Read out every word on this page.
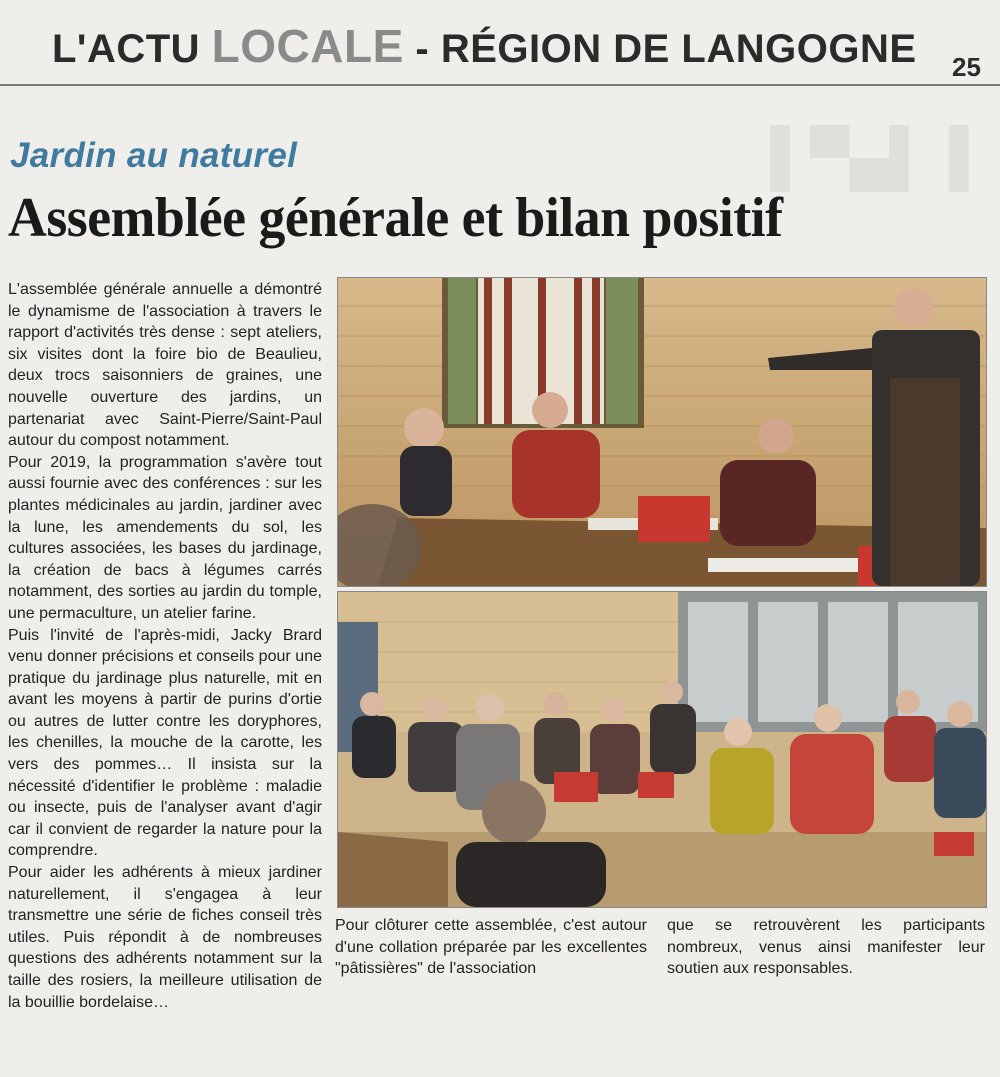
L'ACTU LOCALE - RÉGION DE LANGOGNE 25
▌▀▄▌▐
Jardin au naturel
Assemblée générale et bilan positif

L'assemblée générale annuelle a démontré le dynamisme de l'association à travers le rapport d'activités très dense : sept ateliers, six visites dont la foire bio de Beaulieu, deux trocs saisonniers de graines, une nouvelle ouverture des jardins, un partenariat avec Saint-Pierre/Saint-Paul autour du compost notamment.

Pour 2019, la programmation s'avère tout aussi fournie avec des conférences : sur les plantes médicinales au jardin, jardiner avec la lune, les amendements du sol, les cultures associées, les bases du jardinage, la création de bacs à légumes carrés notamment, des sorties au jardin du tomple, une permaculture, un atelier farine.

Puis l'invité de l'après-midi, Jacky Brard venu donner précisions et conseils pour une pratique du jardinage plus naturelle, mit en avant les moyens à partir de purins d'ortie ou autres de lutter contre les doryphores, les chenilles, la mouche de la carotte, les vers des pommes… Il insista sur la nécessité d'identifier le problème : maladie ou insecte, puis de l'analyser avant d'agir car il convient de regarder la nature pour la comprendre.

Pour aider les adhérents à mieux jardiner naturellement, il s'engagea à leur transmettre une série de fiches conseil très utiles. Puis répondit à de nombreuses questions des adhérents notamment sur la taille des rosiers, la meilleure utilisation de la bouillie bordelaise…

Pour clôturer cette assemblée, c'est autour d'une collation préparée par les excellentes "pâtissières" de l'association
que se retrouvèrent les participants nombreux, venus ainsi manifester leur soutien aux responsables.
